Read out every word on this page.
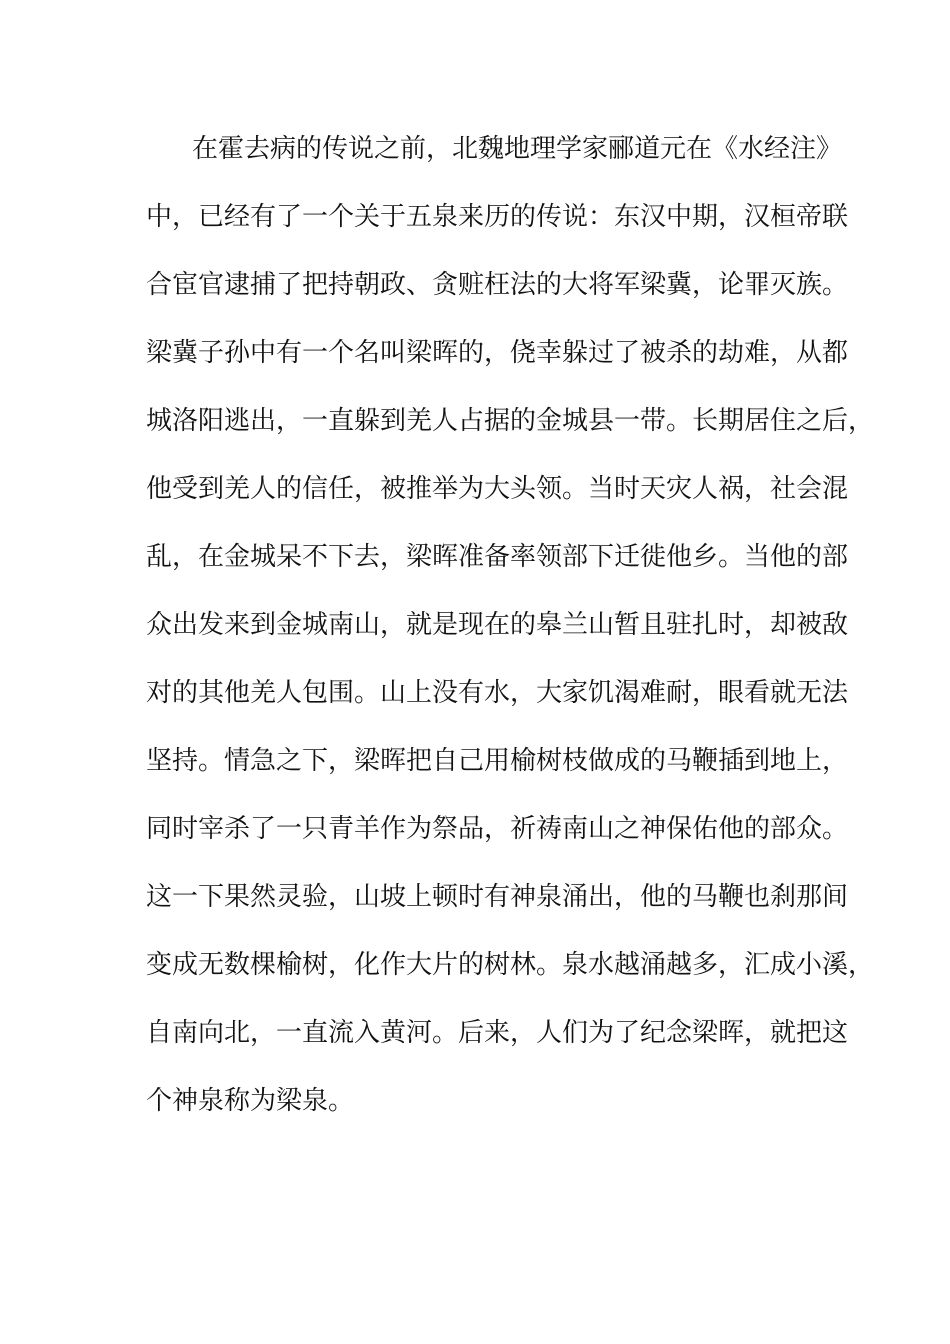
在霍去病的传说之前，北魏地理学家郦道元在《水经注》
中，已经有了一个关于五泉来历的传说：东汉中期，汉桓帝联
合宦官逮捕了把持朝政、贪赃枉法的大将军梁冀，论罪灭族。
梁冀子孙中有一个名叫梁晖的，侥幸躲过了被杀的劫难，从都
城洛阳逃出，一直躲到羌人占据的金城县一带。长期居住之后，
他受到羌人的信任，被推举为大头领。当时天灾人祸，社会混
乱，在金城呆不下去，梁晖准备率领部下迁徙他乡。当他的部
众出发来到金城南山，就是现在的皋兰山暂且驻扎时，却被敌
对的其他羌人包围。山上没有水，大家饥渴难耐，眼看就无法
坚持。情急之下，梁晖把自己用榆树枝做成的马鞭插到地上，
同时宰杀了一只青羊作为祭品，祈祷南山之神保佑他的部众。
这一下果然灵验，山坡上顿时有神泉涌出，他的马鞭也刹那间
变成无数棵榆树，化作大片的树林。泉水越涌越多，汇成小溪，
自南向北，一直流入黄河。后来，人们为了纪念梁晖，就把这
个神泉称为梁泉。
